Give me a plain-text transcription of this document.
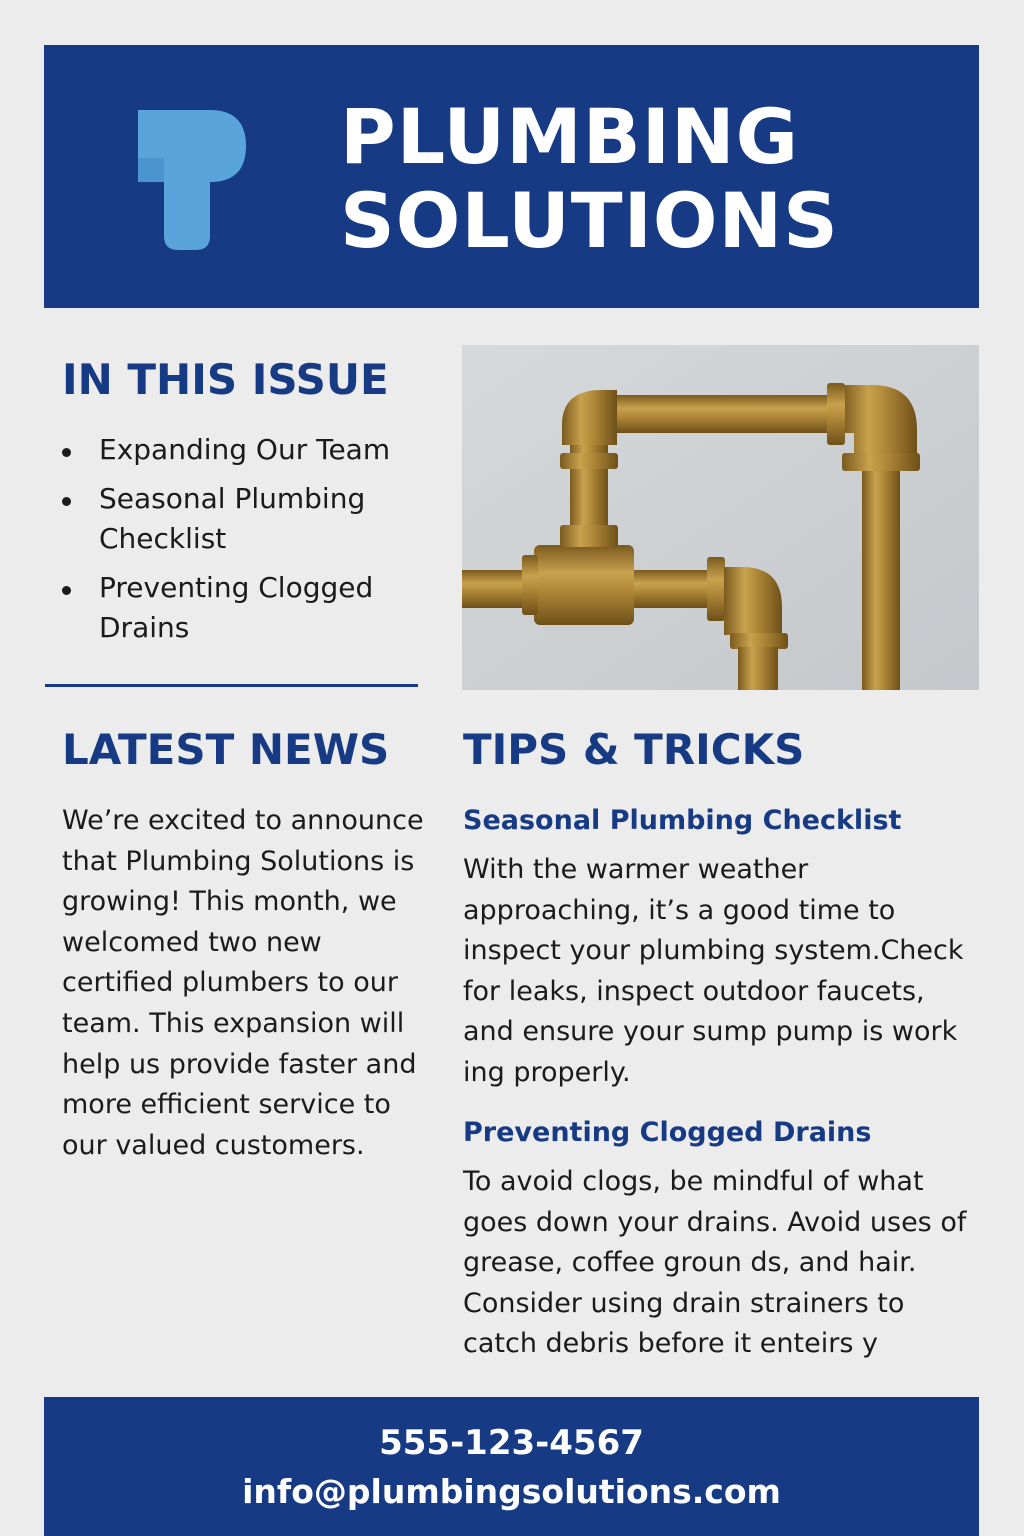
PLUMBING
SOLUTIONS
IN THIS ISSUE
Expanding Our Team
Seasonal Plumbing Checklist
Preventing Clogged Drains
LATEST NEWS

We’re excited to announce that Plumbing Solutions is growing! This month, we welcomed two new certified plumbers to our team. This expansion will help us provide faster and more efficient service to our valued customers.

TIPS & TRICKS
Seasonal Plumbing Checklist

With the warmer weather approaching, it’s a good time to inspect your plumbing system.Check for leaks, inspect outdoor faucets, and ensure your sump pump is work ing properly.

Preventing Clogged Drains

To avoid clogs, be mindful of what goes down your drains. Avoid uses of grease, coffee groun ds, and hair. Consider using drain strainers to catch debris before it enteirs y

555-123-4567
info@plumbingsolutions.com
